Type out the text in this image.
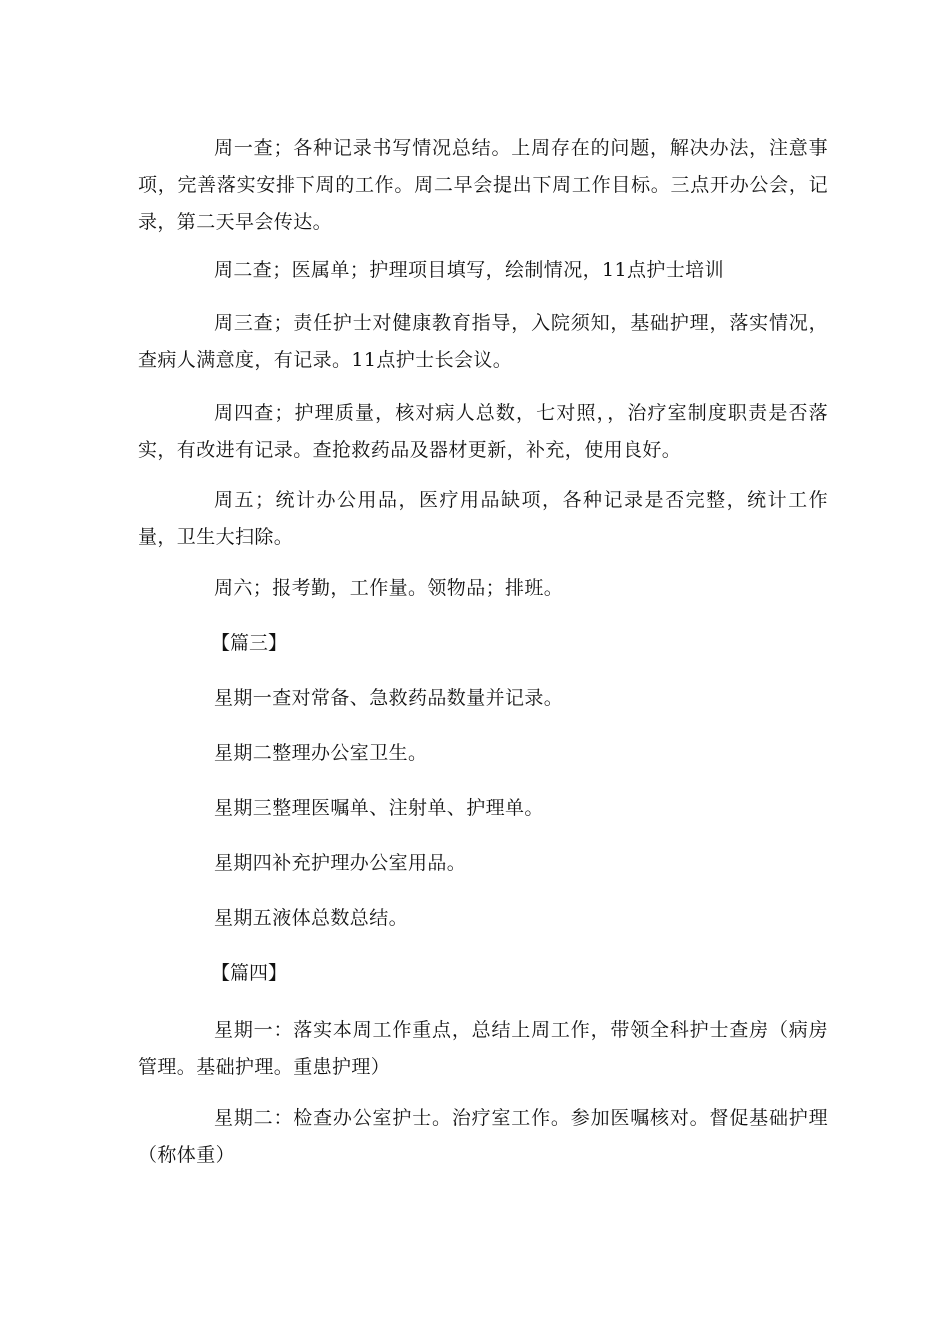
周一查；各种记录书写情况总结。上周存在的问题，解决办法，注意事项，完善落实安排下周的工作。周二早会提出下周工作目标。三点开办公会，记录，第二天早会传达。

周二查；医属单；护理项目填写，绘制情况，11点护士培训

周三查；责任护士对健康教育指导，入院须知，基础护理，落实情况，查病人满意度，有记录。11点护士长会议。

周四查；护理质量，核对病人总数，七对照，，治疗室制度职责是否落实，有改进有记录。查抢救药品及器材更新，补充，使用良好。

周五；统计办公用品，医疗用品缺项，各种记录是否完整，统计工作量，卫生大扫除。

周六；报考勤，工作量。领物品；排班。

【篇三】

星期一查对常备、急救药品数量并记录。

星期二整理办公室卫生。

星期三整理医嘱单、注射单、护理单。

星期四补充护理办公室用品。

星期五液体总数总结。

【篇四】

星期一：落实本周工作重点，总结上周工作，带领全科护士查房（病房管理。基础护理。重患护理）

星期二：检查办公室护士。治疗室工作。参加医嘱核对。督促基础护理（称体重）
